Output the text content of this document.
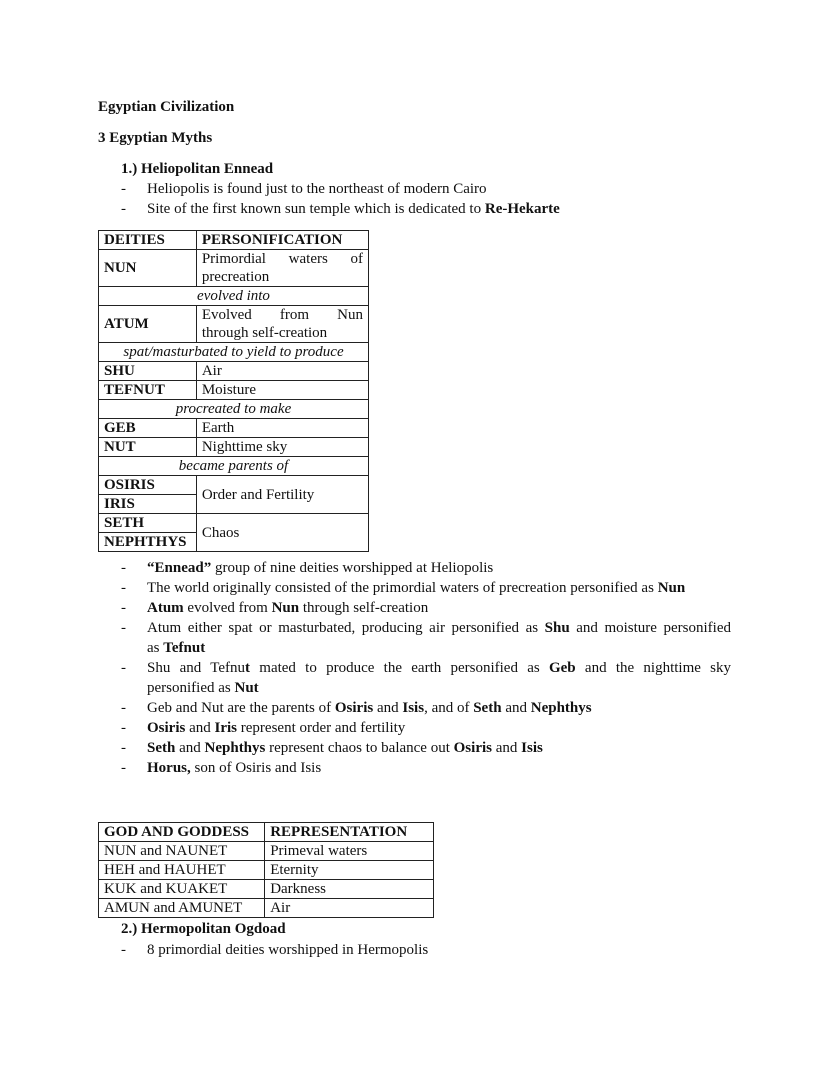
Egyptian Civilization
3 Egyptian Myths
1.) Heliopolitan Ennead
- Heliopolis is found just to the northeast of modern Cairo
- Site of the first known sun temple which is dedicated to Re-Hekarte
DEITIES	PERSONIFICATION
NUN	Primordial waters of
precreation
evolved into	
ATUM	Evolved from Nun
through self-creation
spat/masturbated to yield to produce	
SHU	Air
TEFNUT	Moisture
procreated to make	
GEB	Earth
NUT	Nighttime sky
became parents of	
OSIRIS	Order and Fertility
IRIS	
SETH	Chaos
NEPHTHYS	
- “Ennead” group of nine deities worshipped at Heliopolis
- The world originally consisted of the primordial waters of precreation personified as Nun
- Atum evolved from Nun through self-creation
- Atum either spat or masturbated, producing air personified as Shu and moisture personified
as Tefnut
- Shu and Tefnut mated to produce the earth personified as Geb and the nighttime sky
personified as Nut
- Geb and Nut are the parents of Osiris and Isis, and of Seth and Nephthys
- Osiris and Iris represent order and fertility
- Seth and Nephthys represent chaos to balance out Osiris and Isis
- Horus, son of Osiris and Isis
GOD AND GODDESS	REPRESENTATION
NUN and NAUNET	Primeval waters
HEH and HAUHET	Eternity
KUK and KUAKET	Darkness
AMUN and AMUNET	Air
2.) Hermopolitan Ogdoad
- 8 primordial deities worshipped in Hermopolis
